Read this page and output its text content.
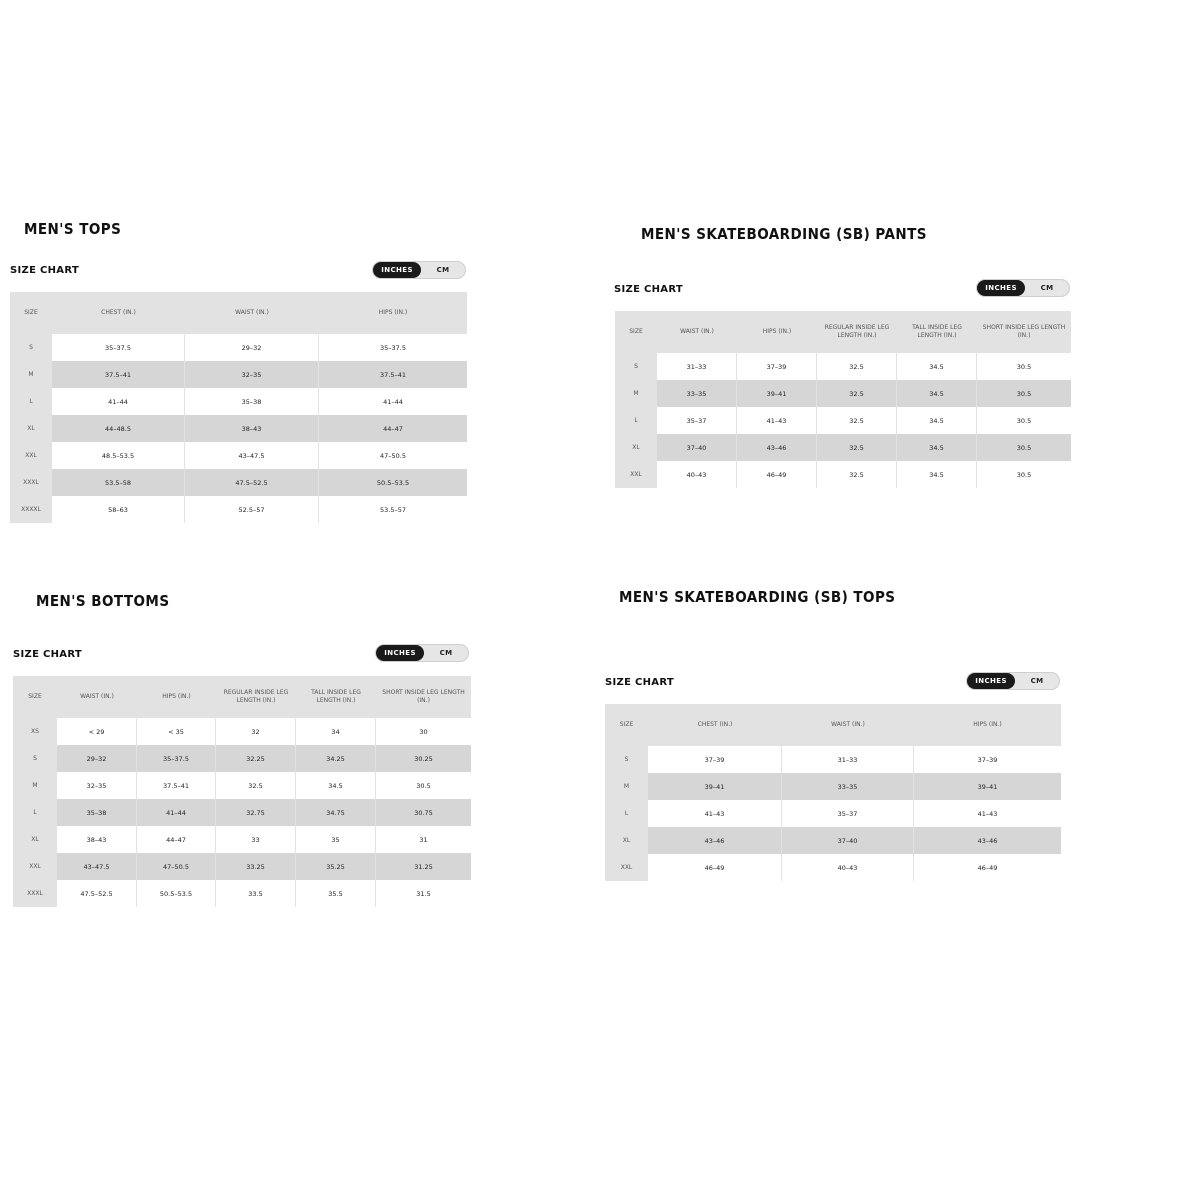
MEN'S TOPS
SIZE CHART	INCHES	CM
SIZE	CHEST (IN.)	WAIST (IN.)	HIPS (IN.)
S	35–37.5	29–32	35–37.5
M	37.5–41	32–35	37.5–41
L	41–44	35–38	41–44
XL	44–48.5	38–43	44–47
XXL	48.5–53.5	43–47.5	47–50.5
XXXL	53.5–58	47.5–52.5	50.5–53.5
XXXXL	58–63	52.5–57	53.5–57
MEN'S SKATEBOARDING (SB) PANTS
SIZE CHART	INCHES	CM
SIZE	WAIST (IN.)	HIPS (IN.)	REGULAR INSIDE LEG LENGTH (IN.)	TALL INSIDE LEG LENGTH (IN.)	SHORT INSIDE LEG LENGTH (IN.)
S	31–33	37–39	32.5	34.5	30.5
M	33–35	39–41	32.5	34.5	30.5
L	35–37	41–43	32.5	34.5	30.5
XL	37–40	43–46	32.5	34.5	30.5
XXL	40–43	46–49	32.5	34.5	30.5
MEN'S BOTTOMS
SIZE CHART	INCHES	CM
SIZE	WAIST (IN.)	HIPS (IN.)	REGULAR INSIDE LEG LENGTH (IN.)	TALL INSIDE LEG LENGTH (IN.)	SHORT INSIDE LEG LENGTH (IN.)
XS	< 29	< 35	32	34	30
S	29–32	35–37.5	32.25	34.25	30.25
M	32–35	37.5–41	32.5	34.5	30.5
L	35–38	41–44	32.75	34.75	30.75
XL	38–43	44–47	33	35	31
XXL	43–47.5	47–50.5	33.25	35.25	31.25
XXXL	47.5–52.5	50.5–53.5	33.5	35.5	31.5
MEN'S SKATEBOARDING (SB) TOPS
SIZE CHART	INCHES	CM
SIZE	CHEST (IN.)	WAIST (IN.)	HIPS (IN.)
S	37–39	31–33	37–39
M	39–41	33–35	39–41
L	41–43	35–37	41–43
XL	43–46	37–40	43–46
XXL	46–49	40–43	46–49
